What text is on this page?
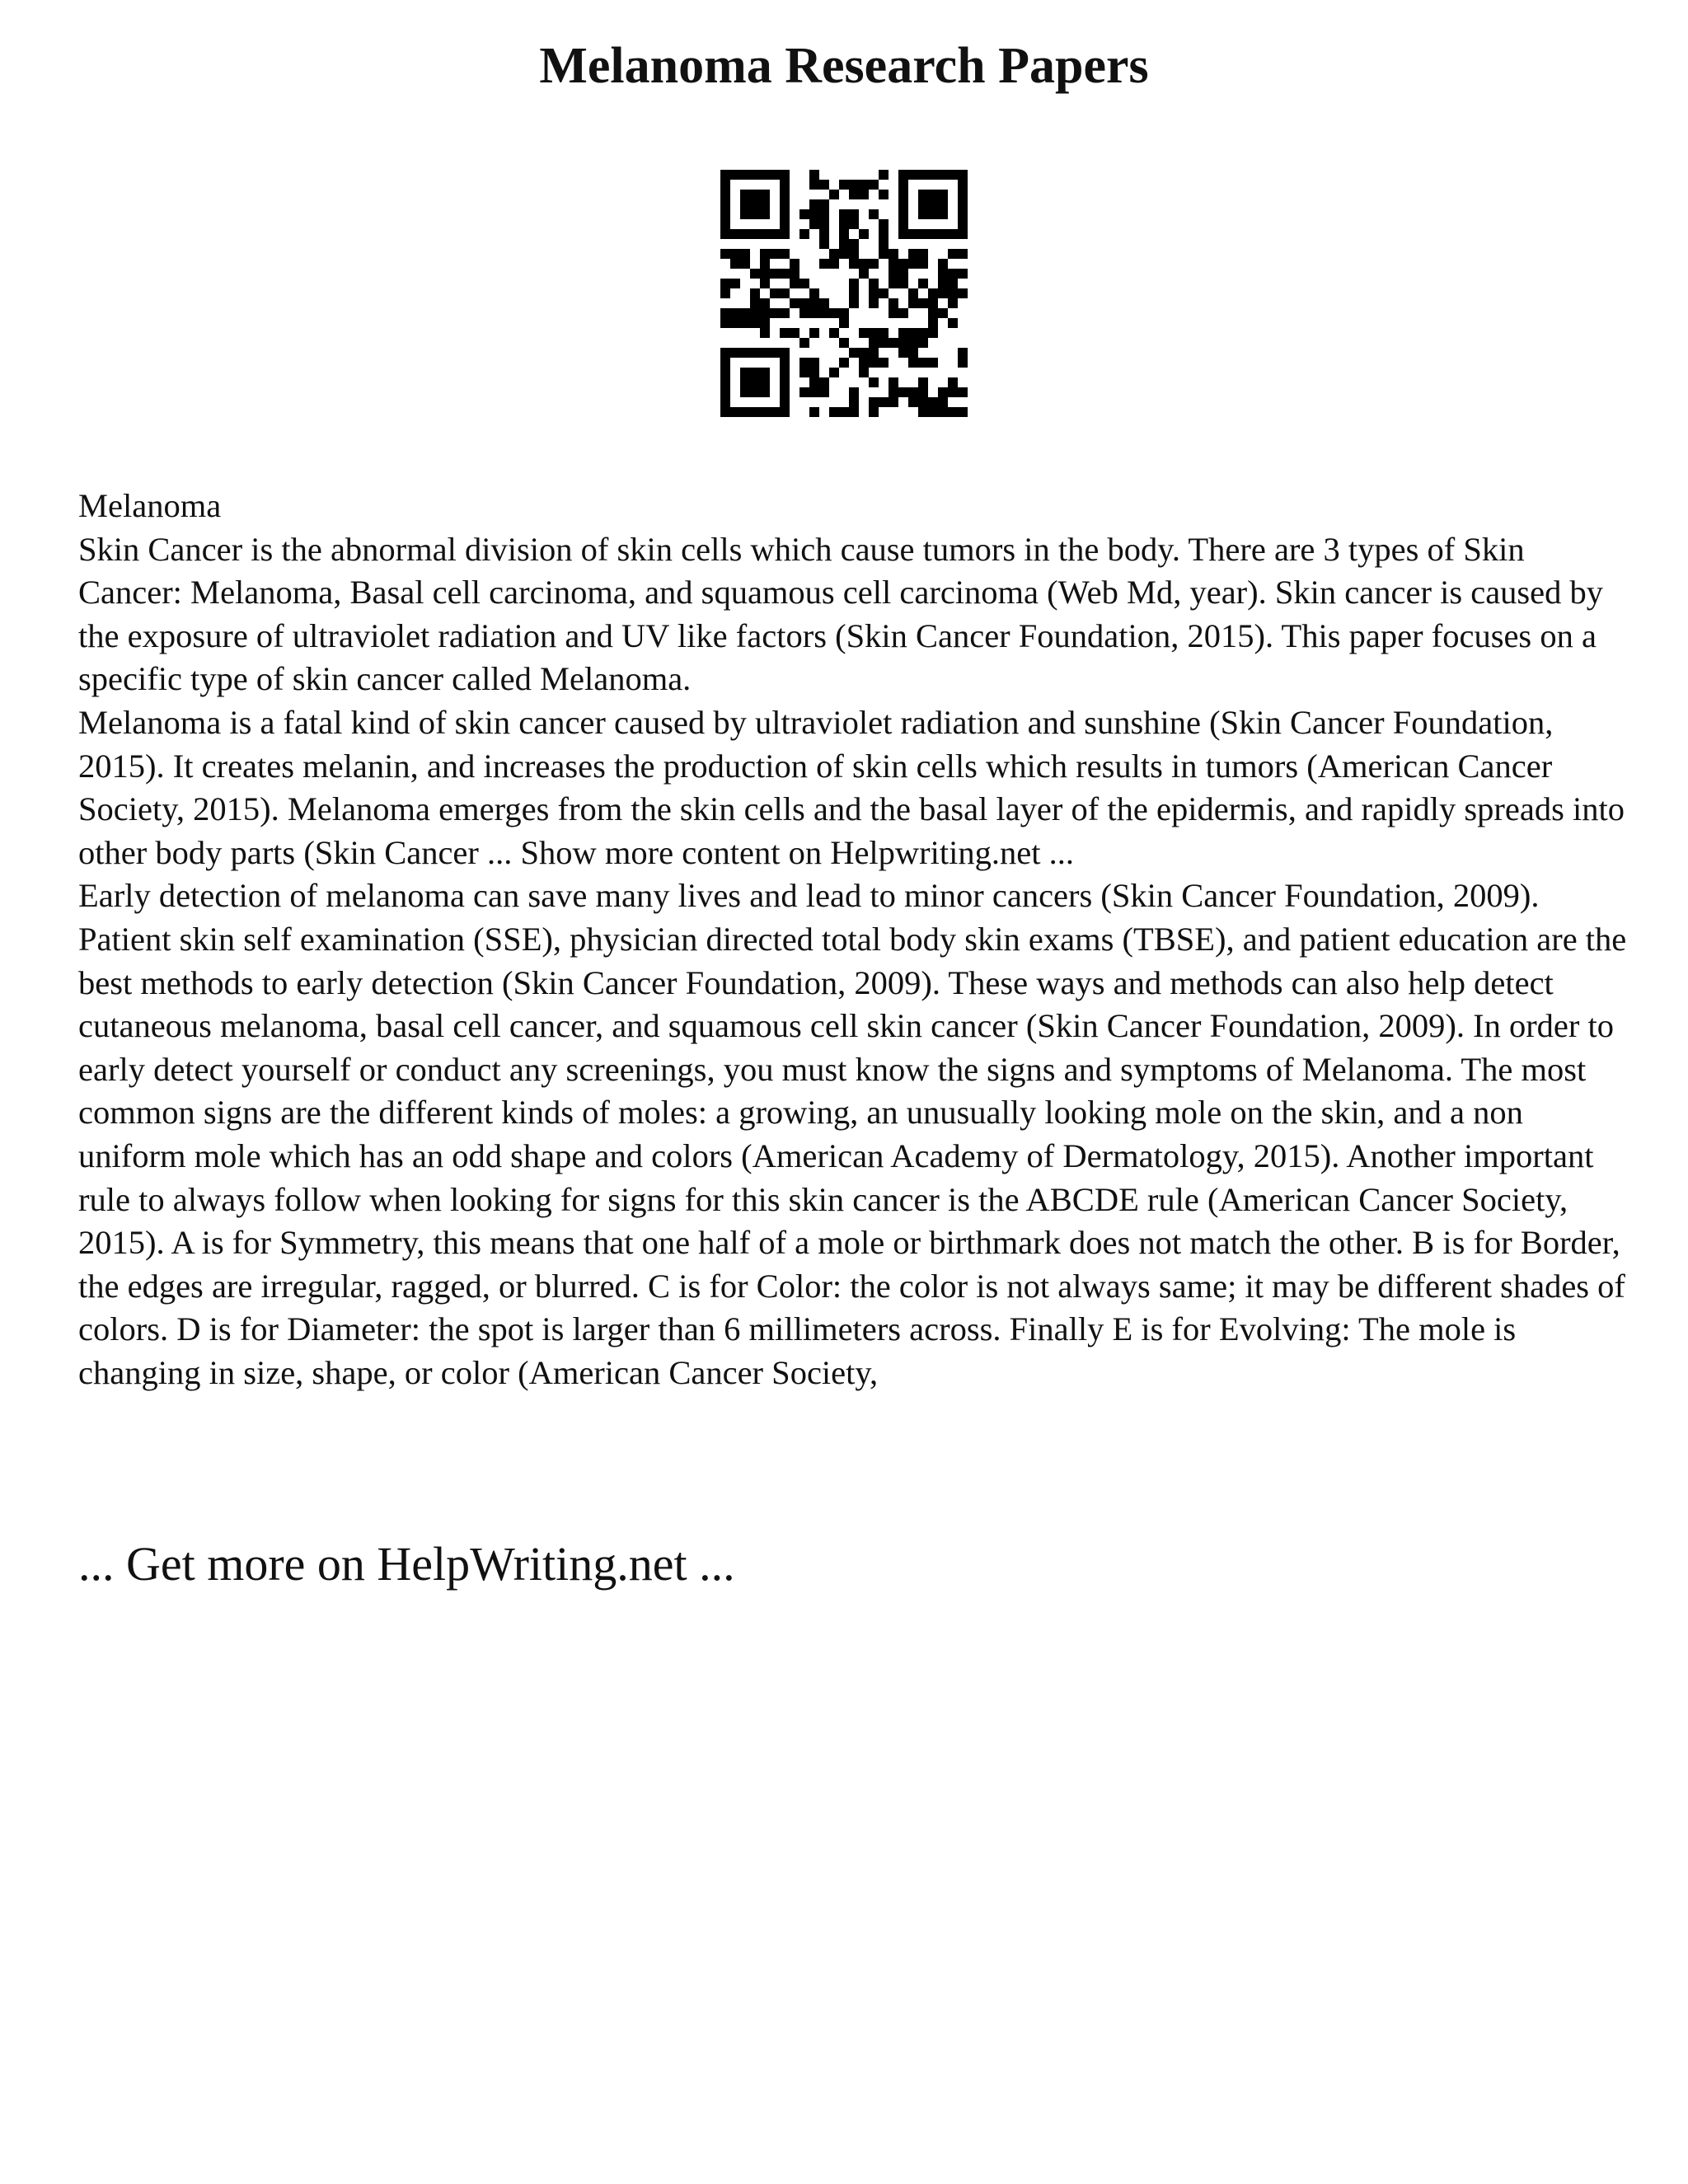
Melanoma Research Papers

Melanoma

Skin Cancer is the abnormal division of skin cells which cause tumors in the body. There are 3 types of Skin Cancer: Melanoma, Basal cell carcinoma, and squamous cell carcinoma (Web Md, year). Skin cancer is caused by the exposure of ultraviolet radiation and UV like factors (Skin Cancer Foundation, 2015). This paper focuses on a specific type of skin cancer called Melanoma.

Melanoma is a fatal kind of skin cancer caused by ultraviolet radiation and sunshine (Skin Cancer Foundation, 2015). It creates melanin, and increases the production of skin cells which results in tumors (American Cancer Society, 2015). Melanoma emerges from the skin cells and the basal layer of the epidermis, and rapidly spreads into other body parts (Skin Cancer ... Show more content on Helpwriting.net ...

Early detection of melanoma can save many lives and lead to minor cancers (Skin Cancer Foundation, 2009). Patient skin self examination (SSE), physician directed total body skin exams (TBSE), and patient education are the best methods to early detection (Skin Cancer Foundation, 2009). These ways and methods can also help detect cutaneous melanoma, basal cell cancer, and squamous cell skin cancer (Skin Cancer Foundation, 2009). In order to early detect yourself or conduct any screenings, you must know the signs and symptoms of Melanoma. The most common signs are the different kinds of moles: a growing, an unusually looking mole on the skin, and a non uniform mole which has an odd shape and colors (American Academy of Dermatology, 2015). Another important rule to always follow when looking for signs for this skin cancer is the ABCDE rule (American Cancer Society, 2015). A is for Symmetry, this means that one half of a mole or birthmark does not match the other. B is for Border, the edges are irregular, ragged, or blurred. C is for Color: the color is not always same; it may be different shades of colors. D is for Diameter: the spot is larger than 6 millimeters across. Finally E is for Evolving: The mole is changing in size, shape, or color (American Cancer Society,

... Get more on HelpWriting.net ...
